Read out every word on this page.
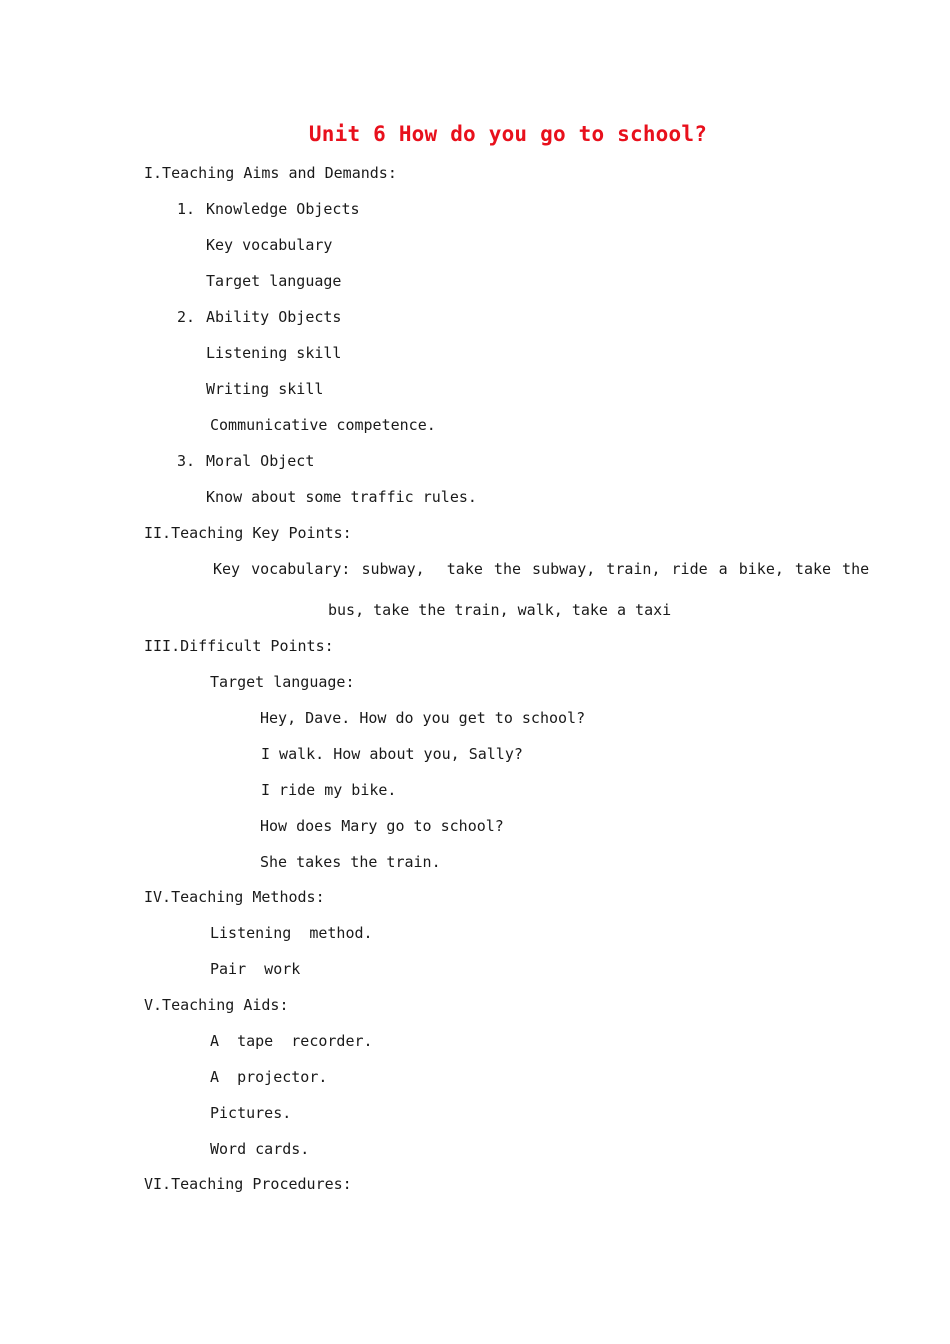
Unit 6 How do you go to school?
I.Teaching Aims and Demands:
1. Knowledge Objects
Key vocabulary
Target language
2. Ability Objects
Listening skill
Writing skill
Communicative competence.
3. Moral Object
Know about some traffic rules.
II.Teaching Key Points:
Key vocabulary: subway,  take the subway, train, ride a bike, take the
bus, take the train, walk, take a taxi
III.Difficult Points:
Target language:
Hey, Dave. How do you get to school?
I walk. How about you, Sally?
I ride my bike.
How does Mary go to school?
She takes the train.
IV.Teaching Methods:
Listening  method.
Pair  work
V.Teaching Aids:
A  tape  recorder.
A  projector.
Pictures.
Word cards.
VI.Teaching Procedures:
